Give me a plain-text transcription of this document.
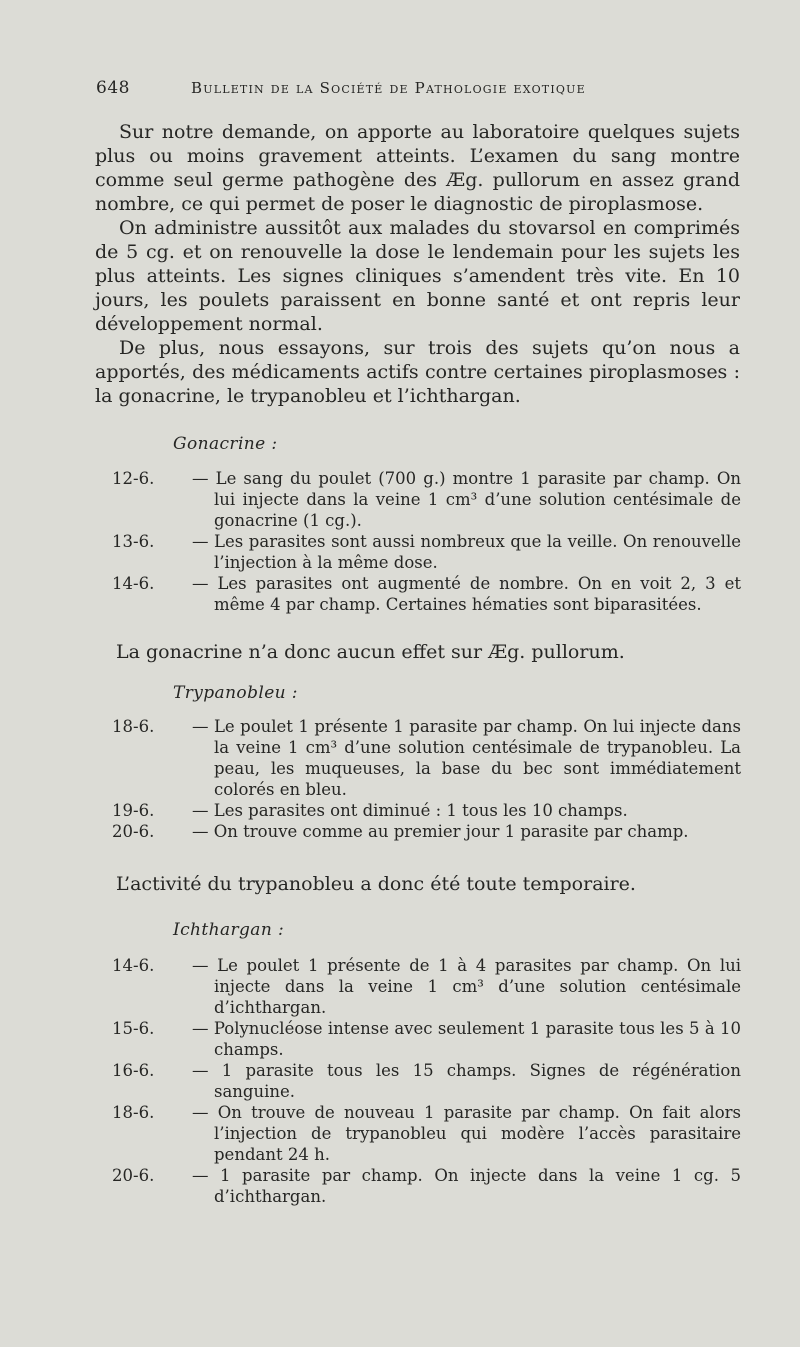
648	Bulletin de la Société de Pathologie exotique

Sur notre demande, on apporte au laboratoire quelques sujets plus ou moins gravement atteints. L’examen du sang montre comme seul germe pathogène des Æg. pullorum en assez grand nombre, ce qui permet de poser le diagnostic de piroplasmose.

On administre aussitôt aux malades du stovarsol en comprimés de 5 cg. et on renouvelle la dose le lendemain pour les sujets les plus atteints. Les signes cliniques s’amendent très vite. En 10 jours, les poulets paraissent en bonne santé et ont repris leur développement normal.

De plus, nous essayons, sur trois des sujets qu’on nous a apportés, des médicaments actifs contre certaines piroplasmoses : la gonacrine, le trypanobleu et l’ichthargan.

Gonacrine :
12-6. — Le sang du poulet (700 g.) montre 1 parasite par champ. On lui injecte dans la veine 1 cm³ d’une solution centésimale de gonacrine (1 cg.).
13-6. — Les parasites sont aussi nombreux que la veille. On renouvelle l’injection à la même dose.
14-6. — Les parasites ont augmenté de nombre. On en voit 2, 3 et même 4 par champ. Certaines hématies sont biparasitées.
La gonacrine n’a donc aucun effet sur Æg. pullorum.
Trypanobleu :
18-6. — Le poulet 1 présente 1 parasite par champ. On lui injecte dans la veine 1 cm³ d’une solution centésimale de trypanobleu. La peau, les muqueuses, la base du bec sont immédiatement colorés en bleu.
19-6. — Les parasites ont diminué : 1 tous les 10 champs.
20-6. — On trouve comme au premier jour 1 parasite par champ.
L’activité du trypanobleu a donc été toute temporaire.
Ichthargan :
14-6. — Le poulet 1 présente de 1 à 4 parasites par champ. On lui injecte dans la veine 1 cm³ d’une solution centésimale d’ichthargan.
15-6. — Polynucléose intense avec seulement 1 parasite tous les 5 à 10 champs.
16-6. — 1 parasite tous les 15 champs. Signes de régénération sanguine.
18-6. — On trouve de nouveau 1 parasite par champ. On fait alors l’injection de trypanobleu qui modère l’accès parasitaire pendant 24 h.
20-6. — 1 parasite par champ. On injecte dans la veine 1 cg. 5 d’ichthargan.
